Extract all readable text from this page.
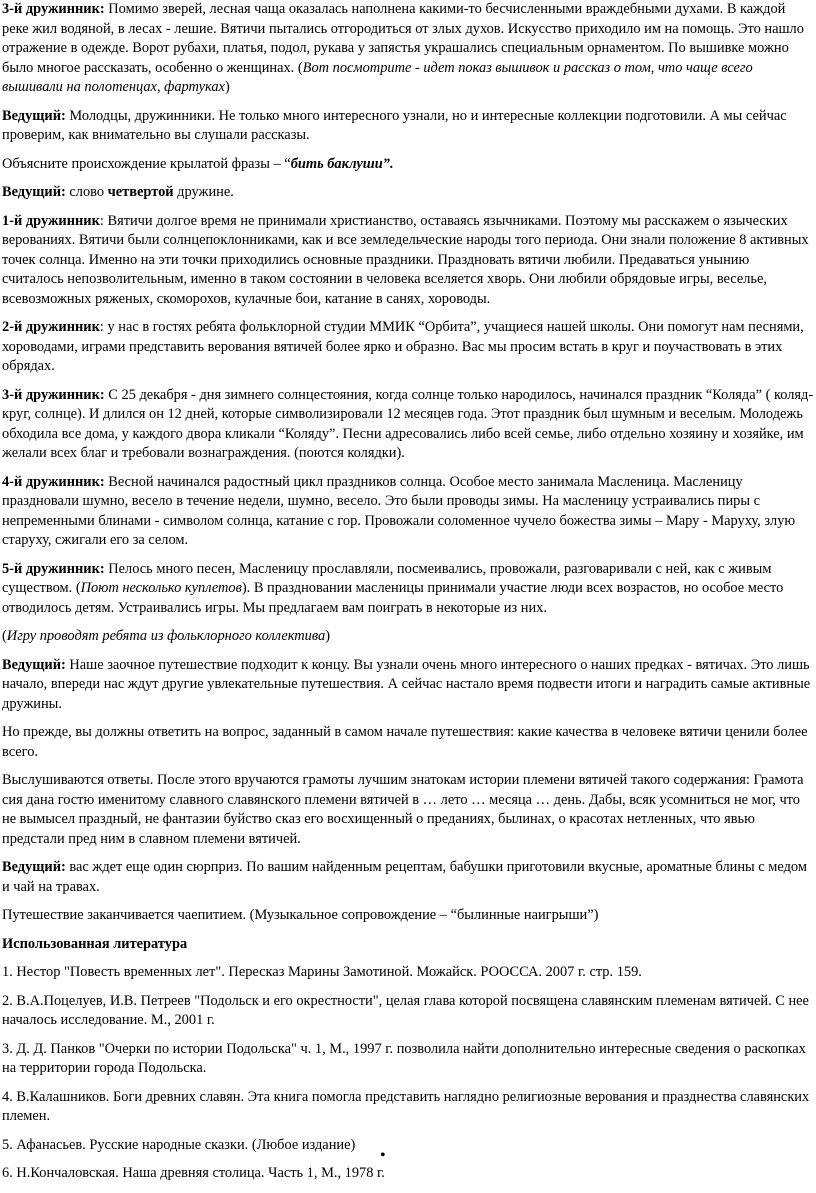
3-й дружинник: Помимо зверей, лесная чаща оказалась наполнена какими-то бесчисленными враждебными духами. В каждой реке жил водяной, в лесах - лешие. Вятичи пытались отгородиться от злых духов. Искусство приходило им на помощь. Это нашло отражение в одежде. Ворот рубахи, платья, подол, рукава у запястья украшались специальным орнаментом. По вышивке можно было многое рассказать, особенно о женщинах. (Вот посмотрите - идет показ вышивок и рассказ о том, что чаще всего вышивали на полотенцах, фартуках)

Ведущий: Молодцы, дружинники. Не только много интересного узнали, но и интересные коллекции подготовили. А мы сейчас проверим, как внимательно вы слушали рассказы.

Объясните происхождение крылатой фразы – “бить баклуши”.

Ведущий: слово четвертой дружине.

1-й дружинник: Вятичи долгое время не принимали христианство, оставаясь язычниками. Поэтому мы расскажем о языческих верованиях. Вятичи были солнцепоклонниками, как и все земледельческие народы того периода. Они знали положение 8 активных точек солнца. Именно на эти точки приходились основные праздники. Праздновать вятичи любили. Предаваться унынию считалось непозволительным, именно в таком состоянии в человека вселяется хворь. Они любили обрядовые игры, веселье, всевозможных ряженых, скоморохов, кулачные бои, катание в санях, хороводы.

2-й дружинник: у нас в гостях ребята фольклорной студии ММИК “Орбита”, учащиеся нашей школы. Они помогут нам песнями, хороводами, играми представить верования вятичей более ярко и образно. Вас мы просим встать в круг и поучаствовать в этих обрядах.

3-й дружинник: С 25 декабря - дня зимнего солнцестояния, когда солнце только народилось, начинался праздник “Коляда” ( коляд-круг, солнце). И длился он 12 дней, которые символизировали 12 месяцев года. Этот праздник был шумным и веселым. Молодежь обходила все дома, у каждого двора кликали “Коляду”. Песни адресовались либо всей семье, либо отдельно хозяину и хозяйке, им желали всех благ и требовали вознаграждения. (поются колядки).

4-й дружинник: Весной начинался радостный цикл праздников солнца. Особое место занимала Масленица. Масленицу праздновали шумно, весело в течение недели, шумно, весело. Это были проводы зимы. На масленицу устраивались пиры с непременными блинами - символом солнца, катание с гор. Провожали соломенное чучело божества зимы – Мару - Маруху, злую старуху, сжигали его за селом.

5-й дружинник: Пелось много песен, Масленицу прославляли, посмеивались, провожали, разговаривали с ней, как с живым существом. (Поют несколько куплетов). В праздновании масленицы принимали участие люди всех возрастов, но особое место отводилось детям. Устраивались игры. Мы предлагаем вам поиграть в некоторые из них.

(Игру проводят ребята из фольклорного коллектива)

Ведущий: Наше заочное путешествие подходит к концу. Вы узнали очень много интересного о наших предках - вятичах. Это лишь начало, впереди нас ждут другие увлекательные путешествия. А сейчас настало время подвести итоги и наградить самые активные дружины.

Но прежде, вы должны ответить на вопрос, заданный в самом начале путешествия: какие качества в человеке вятичи ценили более всего.

Выслушиваются ответы. После этого вручаются грамоты лучшим знатокам истории племени вятичей такого содержания: Грамота сия дана гостю именитому славного славянского племени вятичей в … лето … месяца … день. Дабы, всяк усомниться не мог, что не вымысел праздный, не фантазии буйство сказ его восхищенный о преданиях, былинах, о красотах нетленных, что явью предстали пред ним в славном племени вятичей.

Ведущий: вас ждет еще один сюрприз. По вашим найденным рецептам, бабушки приготовили вкусные, ароматные блины с медом и чай на травах.

Путешествие заканчивается чаепитием. (Музыкальное сопровождение – “былинные наигрыши”)

Использованная литература

1. Нестор "Повесть временных лет". Пересказ Марины Замотиной. Можайск. РООССА. 2007 г. стр. 159.

2. В.А.Поцелуев, И.В. Петреев "Подольск и его окрестности", целая глава которой посвящена славянским племенам вятичей. С нее началось исследование. М., 2001 г.

3. Д. Д. Панков "Очерки по истории Подольска" ч. 1, М., 1997 г. позволила найти дополнительно интересные сведения о раскопках на территории города Подольска.

4. В.Калашников. Боги древних славян. Эта книга помогла представить наглядно религиозные верования и празднества славянских племен.

5. Афанасьев. Русские народные сказки. (Любое издание)

6. Н.Кончаловская. Наша древняя столица. Часть 1, М., 1978 г.

•
